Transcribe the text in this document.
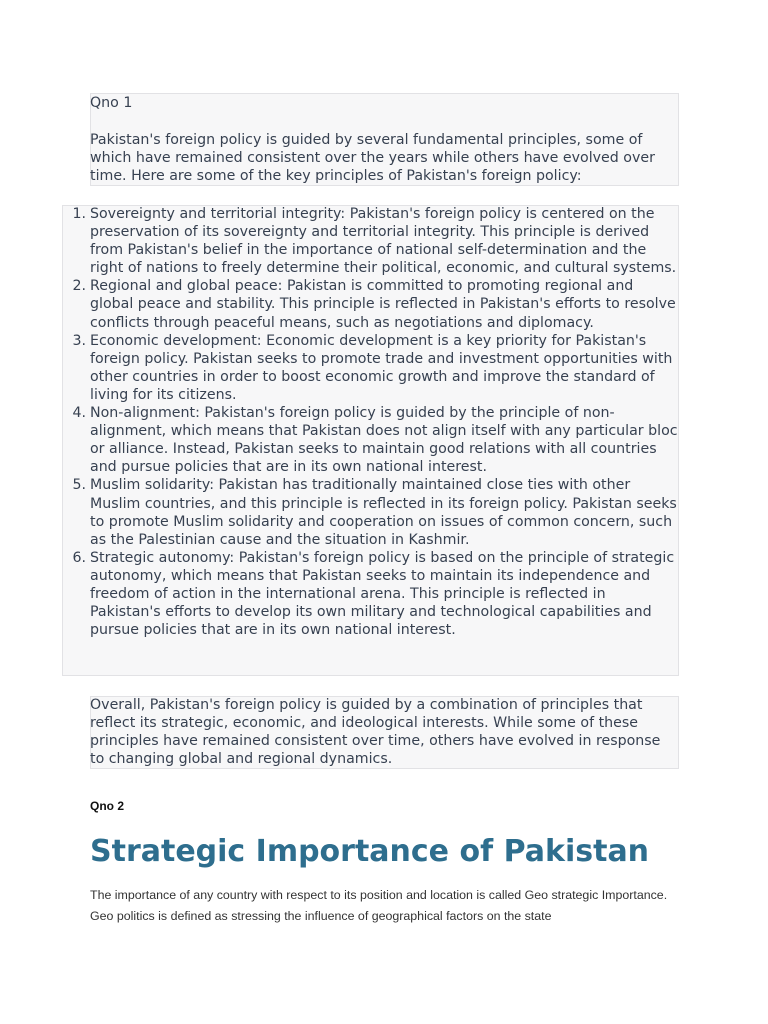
Qno 1

Pakistan's foreign policy is guided by several fundamental principles, some of which have remained consistent over the years while others have evolved over time. Here are some of the key principles of Pakistan's foreign policy:

1. Sovereignty and territorial integrity: Pakistan's foreign policy is centered on the preservation of its sovereignty and territorial integrity. This principle is derived from Pakistan's belief in the importance of national self-determination and the right of nations to freely determine their political, economic, and cultural systems.
2. Regional and global peace: Pakistan is committed to promoting regional and global peace and stability. This principle is reflected in Pakistan's efforts to resolve conflicts through peaceful means, such as negotiations and diplomacy.
3. Economic development: Economic development is a key priority for Pakistan's foreign policy. Pakistan seeks to promote trade and investment opportunities with other countries in order to boost economic growth and improve the standard of living for its citizens.
4. Non-alignment: Pakistan's foreign policy is guided by the principle of non-alignment, which means that Pakistan does not align itself with any particular bloc or alliance. Instead, Pakistan seeks to maintain good relations with all countries and pursue policies that are in its own national interest.
5. Muslim solidarity: Pakistan has traditionally maintained close ties with other Muslim countries, and this principle is reflected in its foreign policy. Pakistan seeks to promote Muslim solidarity and cooperation on issues of common concern, such as the Palestinian cause and the situation in Kashmir.
6. Strategic autonomy: Pakistan's foreign policy is based on the principle of strategic autonomy, which means that Pakistan seeks to maintain its independence and freedom of action in the international arena. This principle is reflected in Pakistan's efforts to develop its own military and technological capabilities and pursue policies that are in its own national interest.

Overall, Pakistan's foreign policy is guided by a combination of principles that reflect its strategic, economic, and ideological interests. While some of these principles have remained consistent over time, others have evolved in response to changing global and regional dynamics.

Qno 2
Strategic Importance of Pakistan

The importance of any country with respect to its position and location is called Geo strategic Importance. Geo politics is defined as stressing the influence of geographical factors on the state
